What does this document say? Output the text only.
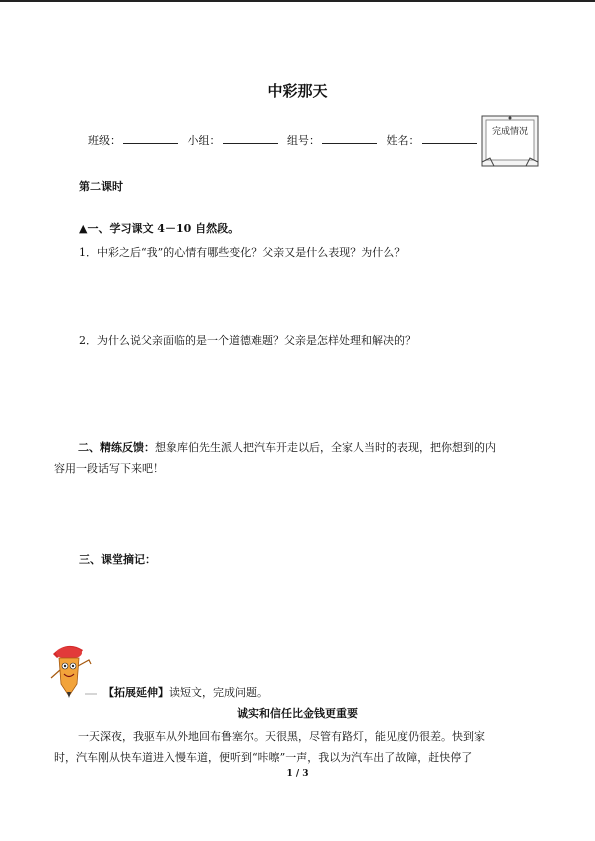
中彩那天
班级：	小组：	组号：	姓名：
完成情况
第二课时
▲一、学习课文 4－10 自然段。
1．中彩之后“我”的心情有哪些变化？父亲又是什么表现？为什么？
2．为什么说父亲面临的是一个道德难题？父亲是怎样处理和解决的？
二、精练反馈：想象库伯先生派人把汽车开走以后，全家人当时的表现，把你想到的内
容用一段话写下来吧！
三、课堂摘记：
【拓展延伸】读短文，完成问题。
诚实和信任比金钱更重要
一天深夜，我驱车从外地回布鲁塞尔。天很黑，尽管有路灯，能见度仍很差。快到家
时，汽车刚从快车道进入慢车道，便听到“咔嚓”一声，我以为汽车出了故障，赶快停了
1 / 3
